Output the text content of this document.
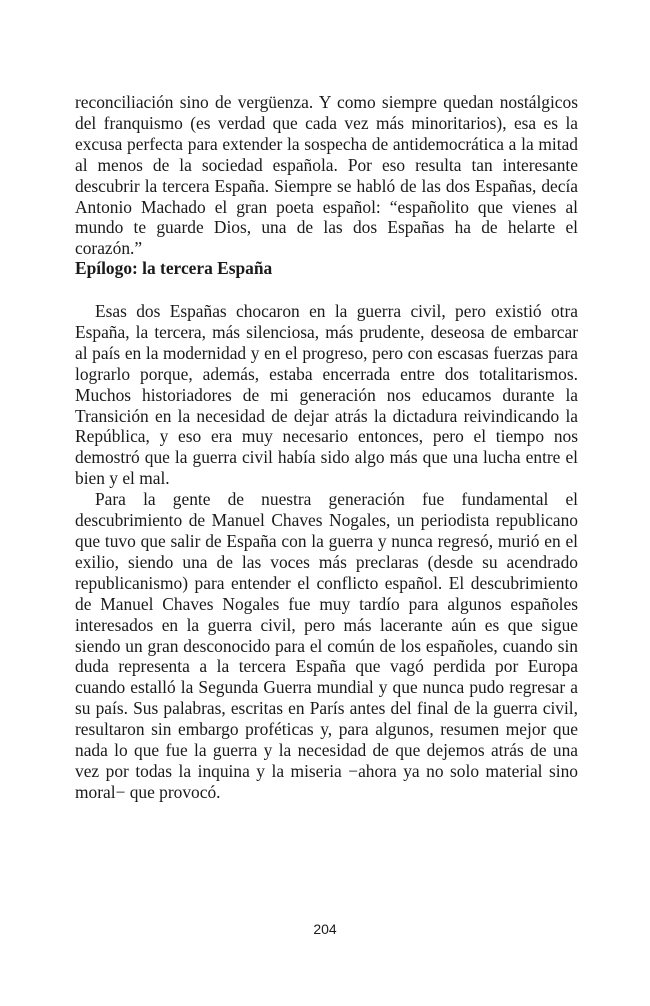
reconciliación sino de vergüenza. Y como siempre quedan nostálgicos del franquismo (es verdad que cada vez más minoritarios), esa es la excusa perfecta para extender la sospecha de antidemocrática a la mitad al menos de la sociedad española. Por eso resulta tan interesante descubrir la tercera España. Siempre se habló de las dos Españas, decía Antonio Machado el gran poeta español: “españolito que vienes al mundo te guarde Dios, una de las dos Españas ha de helarte el corazón.”

Epílogo: la tercera España

Esas dos Españas chocaron en la guerra civil, pero existió otra España, la tercera, más silenciosa, más prudente, deseosa de embarcar al país en la modernidad y en el progreso, pero con escasas fuerzas para lograrlo porque, además, estaba encerrada entre dos totalitarismos. Muchos historiadores de mi generación nos educamos durante la Transición en la necesidad de dejar atrás la dictadura reivindicando la República, y eso era muy necesario entonces, pero el tiempo nos demostró que la guerra civil había sido algo más que una lucha entre el bien y el mal.

Para la gente de nuestra generación fue fundamental el descubrimiento de Manuel Chaves Nogales, un periodista republicano que tuvo que salir de España con la guerra y nunca regresó, murió en el exilio, siendo una de las voces más preclaras (desde su acendrado republicanismo) para entender el conflicto español. El descubrimiento de Manuel Chaves Nogales fue muy tardío para algunos españoles interesados en la guerra civil, pero más lacerante aún es que sigue siendo un gran desconocido para el común de los españoles, cuando sin duda representa a la tercera España que vagó perdida por Europa cuando estalló la Segunda Guerra mundial y que nunca pudo regresar a su país. Sus palabras, escritas en París antes del final de la guerra civil, resultaron sin embargo proféticas y, para algunos, resumen mejor que nada lo que fue la guerra y la necesidad de que dejemos atrás de una vez por todas la inquina y la miseria −ahora ya no solo material sino moral− que provocó.

204
